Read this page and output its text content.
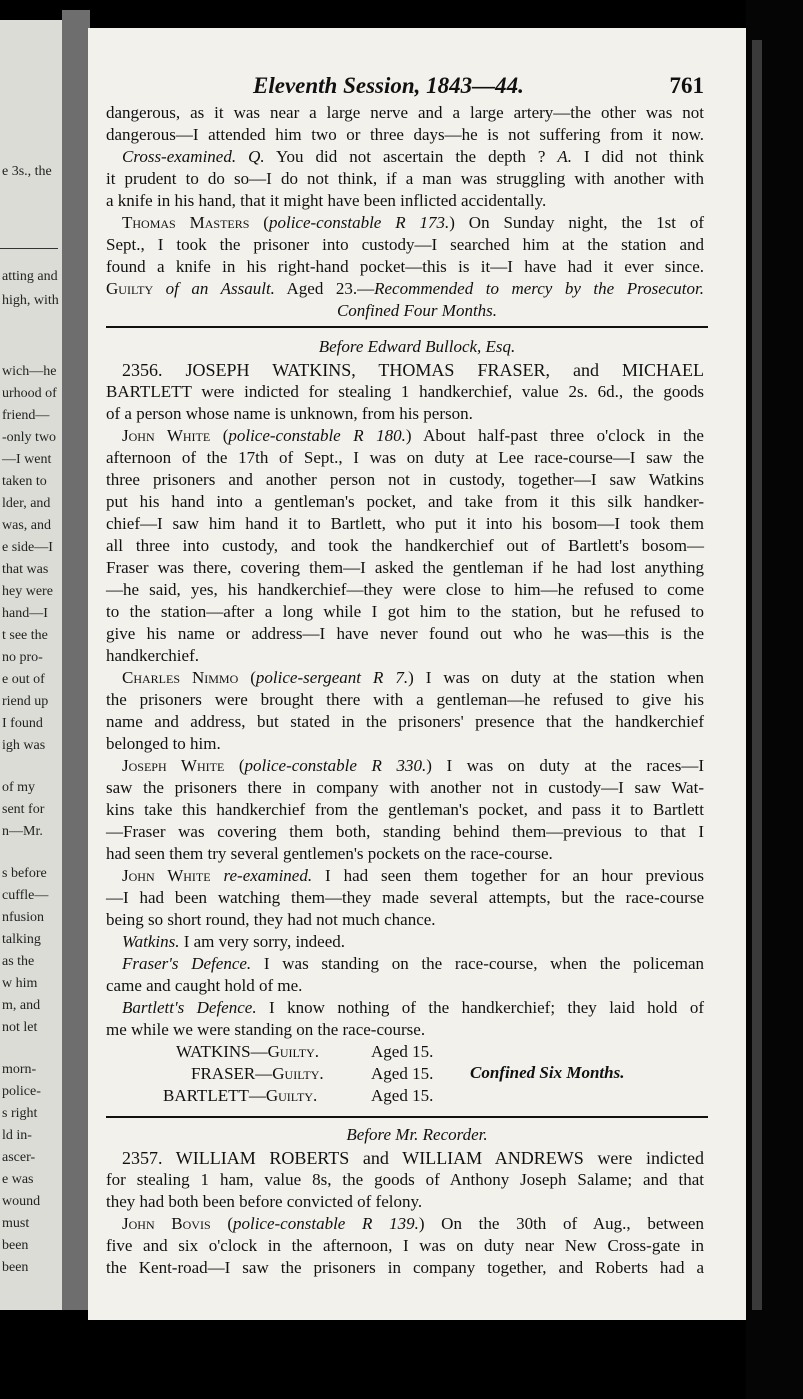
e 3s., the
atting and
high, with
wich—he
urhood of
friend—
-only two
—I went
taken to
lder, and
was, and
e side—I
that was
hey were
hand—I
t see the
no pro-
e out of
riend up
I found
igh was
of my
sent for
n—Mr.
s before
cuffle—
nfusion
talking
as the
w him
m, and
not let
morn-
police-
s right
ld in-
ascer-
e was
wound
must
been
been
Eleventh Session, 1843—44.	761
dangerous, as it was near a large nerve and a large artery—the other was not
dangerous—I attended him two or three days—he is not suffering from it now.
Cross-examined. Q. You did not ascertain the depth ? A. I did not think
it prudent to do so—I do not think, if a man was struggling with another with
a knife in his hand, that it might have been inflicted accidentally.
Thomas Masters (police-constable R 173.) On Sunday night, the 1st of
Sept., I took the prisoner into custody—I searched him at the station and
found a knife in his right-hand pocket—this is it—I have had it ever since.
Guilty of an Assault. Aged 23.—Recommended to mercy by the Prosecutor.
Confined Four Months.
Before Edward Bullock, Esq.
2356. JOSEPH WATKINS, THOMAS FRASER, and MICHAEL
BARTLETT were indicted for stealing 1 handkerchief, value 2s. 6d., the goods
of a person whose name is unknown, from his person.
John White (police-constable R 180.) About half-past three o'clock in the
afternoon of the 17th of Sept., I was on duty at Lee race-course—I saw the
three prisoners and another person not in custody, together—I saw Watkins
put his hand into a gentleman's pocket, and take from it this silk handker-
chief—I saw him hand it to Bartlett, who put it into his bosom—I took them
all three into custody, and took the handkerchief out of Bartlett's bosom—
Fraser was there, covering them—I asked the gentleman if he had lost anything
—he said, yes, his handkerchief—they were close to him—he refused to come
to the station—after a long while I got him to the station, but he refused to
give his name or address—I have never found out who he was—this is the
handkerchief.
Charles Nimmo (police-sergeant R 7.) I was on duty at the station when
the prisoners were brought there with a gentleman—he refused to give his
name and address, but stated in the prisoners' presence that the handkerchief
belonged to him.
Joseph White (police-constable R 330.) I was on duty at the races—I
saw the prisoners there in company with another not in custody—I saw Wat-
kins take this handkerchief from the gentleman's pocket, and pass it to Bartlett
—Fraser was covering them both, standing behind them—previous to that I
had seen them try several gentlemen's pockets on the race-course.
John White re-examined. I had seen them together for an hour previous
—I had been watching them—they made several attempts, but the race-course
being so short round, they had not much chance.
Watkins. I am very sorry, indeed.
Fraser's Defence. I was standing on the race-course, when the policeman
came and caught hold of me.
Bartlett's Defence. I know nothing of the handkerchief; they laid hold of
me while we were standing on the race-course.
WATKINS—Guilty.	Aged 15.
FRASER—Guilty.	Aged 15.
BARTLETT—Guilty.	Aged 15.
Confined Six Months.
Before Mr. Recorder.
2357. WILLIAM ROBERTS and WILLIAM ANDREWS were indicted
for stealing 1 ham, value 8s, the goods of Anthony Joseph Salame; and that
they had both been before convicted of felony.
John Bovis (police-constable R 139.) On the 30th of Aug., between
five and six o'clock in the afternoon, I was on duty near New Cross-gate in
the Kent-road—I saw the prisoners in company together, and Roberts had a
